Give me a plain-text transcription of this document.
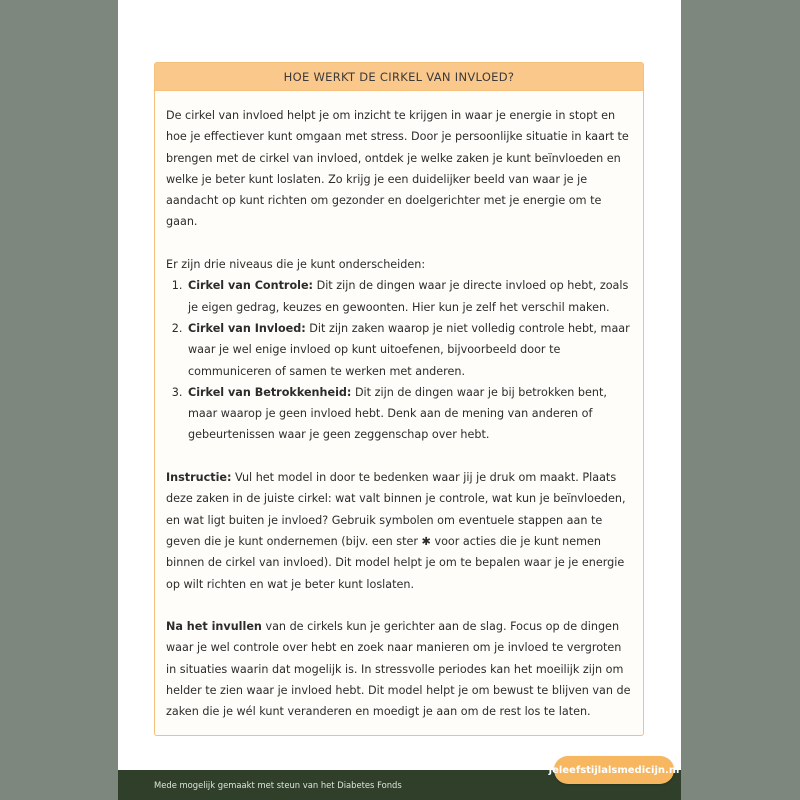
HOE WERKT DE CIRKEL VAN INVLOED?

De cirkel van invloed helpt je om inzicht te krijgen in waar je energie in stopt en hoe je effectiever kunt omgaan met stress. Door je persoonlijke situatie in kaart te brengen met de cirkel van invloed, ontdek je welke zaken je kunt beïnvloeden en welke je beter kunt loslaten. Zo krijg je een duidelijker beeld van waar je je aandacht op kunt richten om gezonder en doelgerichter met je energie om te gaan.

Er zijn drie niveaus die je kunt onderscheiden:

1. Cirkel van Controle: Dit zijn de dingen waar je directe invloed op hebt, zoals je eigen gedrag, keuzes en gewoonten. Hier kun je zelf het verschil maken.
2. Cirkel van Invloed: Dit zijn zaken waarop je niet volledig controle hebt, maar waar je wel enige invloed op kunt uitoefenen, bijvoorbeeld door te communiceren of samen te werken met anderen.
3. Cirkel van Betrokkenheid: Dit zijn de dingen waar je bij betrokken bent, maar waarop je geen invloed hebt. Denk aan de mening van anderen of gebeurtenissen waar je geen zeggenschap over hebt.

Instructie: Vul het model in door te bedenken waar jij je druk om maakt. Plaats deze zaken in de juiste cirkel: wat valt binnen je controle, wat kun je beïnvloeden, en wat ligt buiten je invloed? Gebruik symbolen om eventuele stappen aan te geven die je kunt ondernemen (bijv. een ster ✱ voor acties die je kunt nemen binnen de cirkel van invloed). Dit model helpt je om te bepalen waar je je energie op wilt richten en wat je beter kunt loslaten.

Na het invullen van de cirkels kun je gerichter aan de slag. Focus op de dingen waar je wel controle over hebt en zoek naar manieren om je invloed te vergroten in situaties waarin dat mogelijk is. In stressvolle periodes kan het moeilijk zijn om helder te zien waar je invloed hebt. Dit model helpt je om bewust te blijven van de zaken die je wél kunt veranderen en moedigt je aan om de rest los te laten.

Mede mogelijk gemaakt met steun van het Diabetes Fonds
jeleefstijlalsmedicijn.nl
